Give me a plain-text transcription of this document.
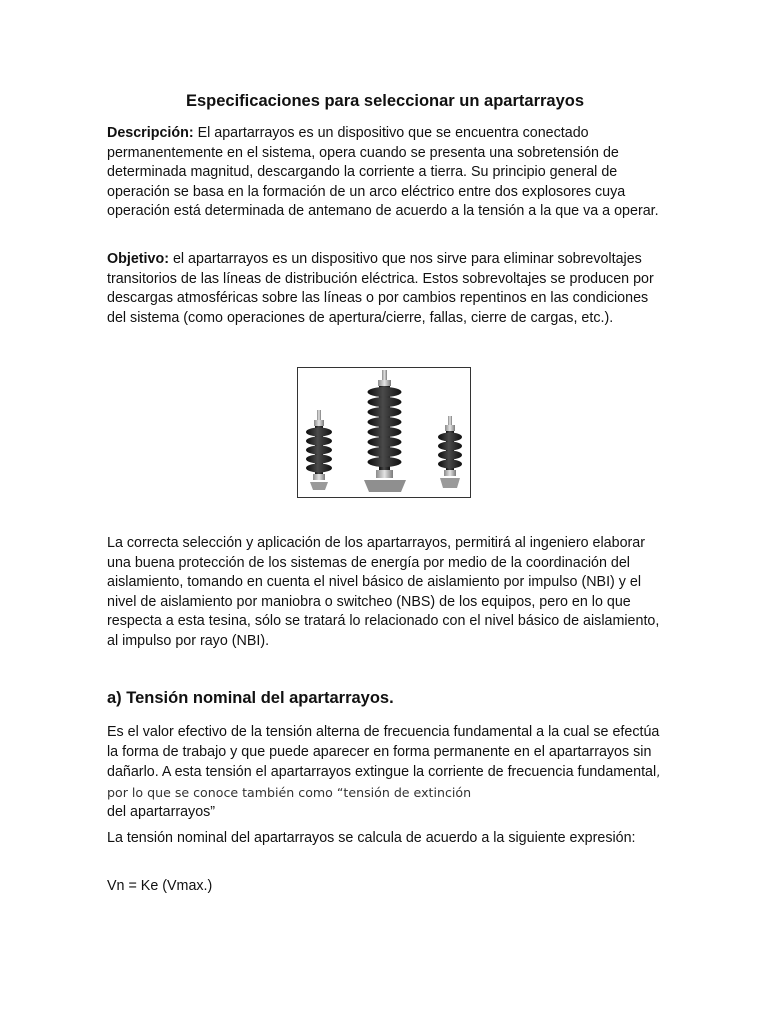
Especificaciones para seleccionar un apartarrayos

Descripción: El apartarrayos es un dispositivo que se encuentra conectado permanentemente en el sistema, opera cuando se presenta una sobretensión de determinada magnitud, descargando la corriente a tierra. Su principio general de operación se basa en la formación de un arco eléctrico entre dos explosores cuya operación está determinada de antemano de acuerdo a la tensión a la que va a operar.

Objetivo: el apartarrayos es un dispositivo que nos sirve para eliminar sobrevoltajes transitorios de las líneas de distribución eléctrica. Estos sobrevoltajes se producen por descargas atmosféricas sobre las líneas o por cambios repentinos en las condiciones del sistema (como operaciones de apertura/cierre, fallas, cierre de cargas, etc.).

La correcta selección y aplicación de los apartarrayos, permitirá al ingeniero elaborar una buena protección de los sistemas de energía por medio de la coordinación del aislamiento, tomando en cuenta el nivel básico de aislamiento por impulso (NBI) y el nivel de aislamiento por maniobra o switcheo (NBS) de los equipos, pero en lo que respecta a esta tesina, sólo se tratará lo relacionado con el nivel básico de aislamiento, al impulso por rayo (NBI).

a) Tensión nominal del apartarrayos.

Es el valor efectivo de la tensión alterna de frecuencia fundamental a la cual se efectúa la forma de trabajo y que puede aparecer en forma permanente en el apartarrayos sin dañarlo. A esta tensión el apartarrayos extingue la corriente de frecuencia fundamental, por lo que se conoce también como “tensión de extinción
del apartarrayos”

La tensión nominal del apartarrayos se calcula de acuerdo a la siguiente expresión:

Vn = Ke (Vmax.)
